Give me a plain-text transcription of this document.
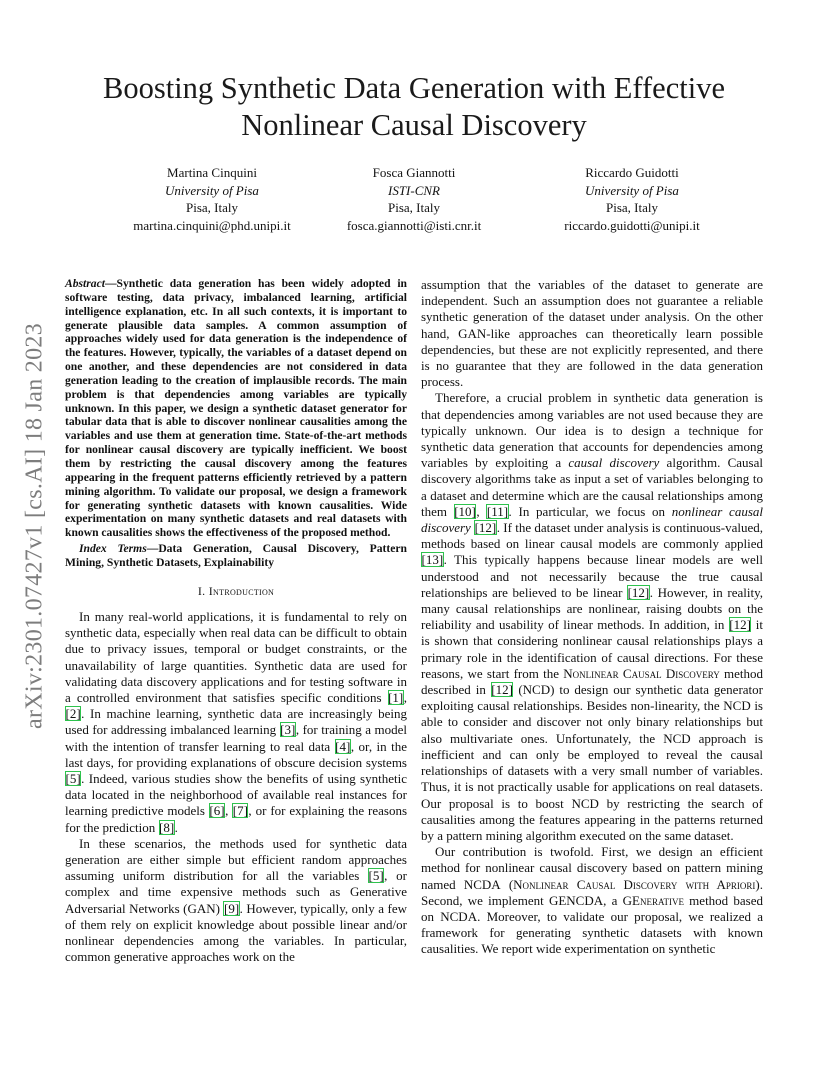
Boosting Synthetic Data Generation with Effective
Nonlinear Causal Discovery
Martina Cinquini
University of Pisa
Pisa, Italy
martina.cinquini@phd.unipi.it
Fosca Giannotti
ISTI-CNR
Pisa, Italy
fosca.giannotti@isti.cnr.it
Riccardo Guidotti
University of Pisa
Pisa, Italy
riccardo.guidotti@unipi.it
arXiv:2301.07427v1 [cs.AI] 18 Jan 2023

Abstract—Synthetic data generation has been widely adopted in software testing, data privacy, imbalanced learning, artificial intelligence explanation, etc. In all such contexts, it is important to generate plausible data samples. A common assumption of approaches widely used for data generation is the independence of the features. However, typically, the variables of a dataset depend on one another, and these dependencies are not considered in data generation leading to the creation of implausible records. The main problem is that dependencies among variables are typically unknown. In this paper, we design a synthetic dataset generator for tabular data that is able to discover nonlinear causalities among the variables and use them at generation time. State-of-the-art methods for nonlinear causal discovery are typically inefficient. We boost them by restricting the causal discovery among the features appearing in the frequent patterns efficiently retrieved by a pattern mining algorithm. To validate our proposal, we design a framework for generating synthetic datasets with known causalities. Wide experimentation on many synthetic datasets and real datasets with known causalities shows the effectiveness of the proposed method.

Index Terms—Data Generation, Causal Discovery, Pattern Mining, Synthetic Datasets, Explainability

I. Introduction

In many real-world applications, it is fundamental to rely on synthetic data, especially when real data can be difficult to obtain due to privacy issues, temporal or budget constraints, or the unavailability of large quantities. Synthetic data are used for validating data discovery applications and for testing software in a controlled environment that satisfies specific conditions [1], [2]. In machine learning, synthetic data are increasingly being used for addressing imbalanced learning [3], for training a model with the intention of transfer learning to real data [4], or, in the last days, for providing explanations of obscure decision systems [5]. Indeed, various studies show the benefits of using synthetic data located in the neighborhood of available real instances for learning predictive models [6], [7], or for explaining the reasons for the prediction [8].

In these scenarios, the methods used for synthetic data generation are either simple but efficient random approaches assuming uniform distribution for all the variables [5], or complex and time expensive methods such as Generative Adversarial Networks (GAN) [9]. However, typically, only a few of them rely on explicit knowledge about possible linear and/or nonlinear dependencies among the variables. In particular, common generative approaches work on the

assumption that the variables of the dataset to generate are independent. Such an assumption does not guarantee a reliable synthetic generation of the dataset under analysis. On the other hand, GAN-like approaches can theoretically learn possible dependencies, but these are not explicitly represented, and there is no guarantee that they are followed in the data generation process.

Therefore, a crucial problem in synthetic data generation is that dependencies among variables are not used because they are typically unknown. Our idea is to design a technique for synthetic data generation that accounts for dependencies among variables by exploiting a causal discovery algorithm. Causal discovery algorithms take as input a set of variables belonging to a dataset and determine which are the causal relationships among them [10], [11]. In particular, we focus on nonlinear causal discovery [12]. If the dataset under analysis is continuous-valued, methods based on linear causal models are commonly applied [13]. This typically happens because linear models are well understood and not necessarily because the true causal relationships are believed to be linear [12]. However, in reality, many causal relationships are nonlinear, raising doubts on the reliability and usability of linear methods. In addition, in [12] it is shown that considering nonlinear causal relationships plays a primary role in the identification of causal directions. For these reasons, we start from the Nonlinear Causal Discovery method described in [12] (NCD) to design our synthetic data generator exploiting causal relationships. Besides non-linearity, the NCD is able to consider and discover not only binary relationships but also multivariate ones. Unfortunately, the NCD approach is inefficient and can only be employed to reveal the causal relationships of datasets with a very small number of variables. Thus, it is not practically usable for applications on real datasets. Our proposal is to boost NCD by restricting the search of causalities among the features appearing in the patterns returned by a pattern mining algorithm executed on the same dataset.

Our contribution is twofold. First, we design an efficient method for nonlinear causal discovery based on pattern mining named NCDA (Nonlinear Causal Discovery with Apriori). Second, we implement GENCDA, a GEnerative method based on NCDA. Moreover, to validate our proposal, we realized a framework for generating synthetic datasets with known causalities. We report wide experimentation on synthetic
